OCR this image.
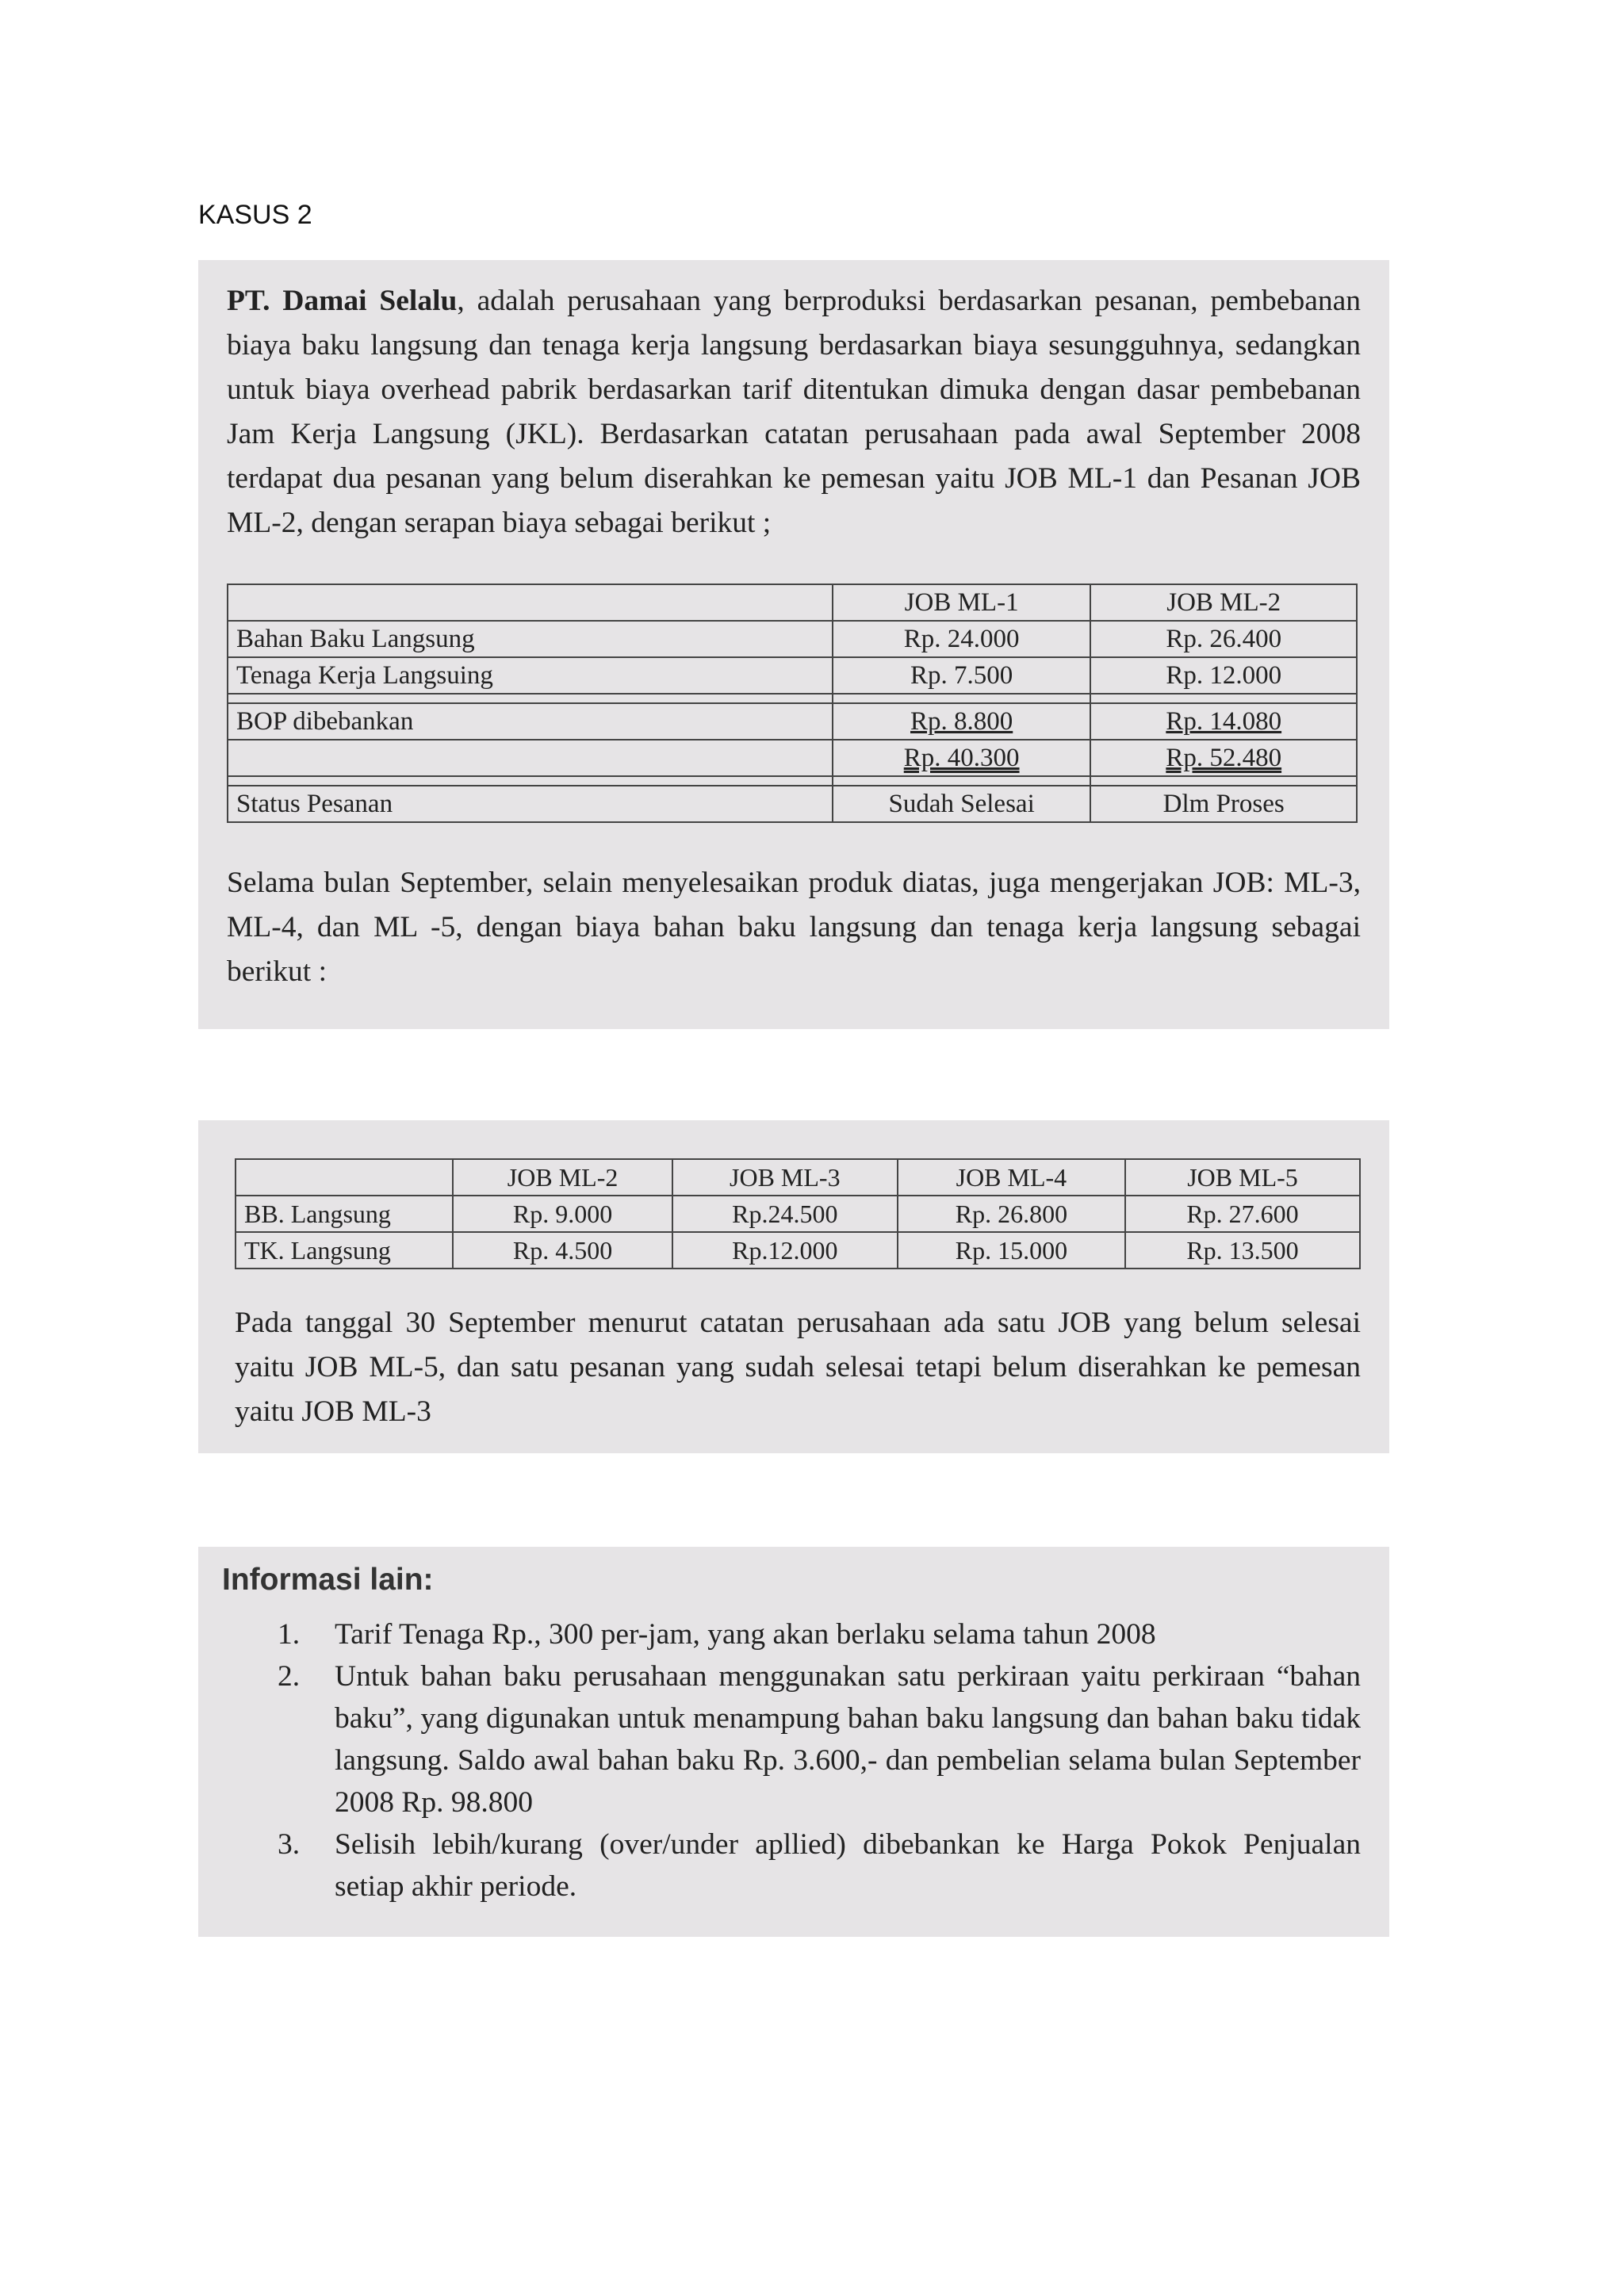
KASUS 2

PT. Damai Selalu, adalah perusahaan yang berproduksi berdasarkan pesanan, pembebanan biaya baku langsung dan tenaga kerja langsung berdasarkan biaya sesungguhnya, sedangkan untuk biaya overhead pabrik berdasarkan tarif ditentukan dimuka dengan dasar pembebanan Jam Kerja Langsung (JKL). Berdasarkan catatan perusahaan pada awal September 2008 terdapat dua pesanan yang belum diserahkan ke pemesan yaitu JOB ML-1 dan Pesanan JOB ML-2, dengan serapan biaya sebagai berikut ;

	JOB ML-1	JOB ML-2
Bahan Baku Langsung	Rp. 24.000	Rp. 26.400
Tenaga Kerja Langsuing	Rp. 7.500	Rp. 12.000

BOP dibebankan	Rp. 8.800	Rp. 14.080
	Rp. 40.300	Rp. 52.480

Status Pesanan	Sudah Selesai	Dlm Proses

Selama bulan September, selain menyelesaikan produk diatas, juga mengerjakan JOB: ML-3, ML-4, dan ML -5, dengan biaya bahan baku langsung dan tenaga kerja langsung sebagai berikut :

	JOB ML-2	JOB ML-3	JOB ML-4	JOB ML-5
BB. Langsung	Rp. 9.000	Rp.24.500	Rp. 26.800	Rp. 27.600
TK. Langsung	Rp. 4.500	Rp.12.000	Rp. 15.000	Rp. 13.500

Pada tanggal 30 September menurut catatan perusahaan ada satu JOB yang belum selesai yaitu JOB ML-5, dan satu pesanan yang sudah selesai tetapi belum diserahkan ke pemesan yaitu JOB ML-3

Informasi lain:

1. Tarif Tenaga Rp., 300 per-jam, yang akan berlaku selama tahun 2008
2. Untuk bahan baku perusahaan menggunakan satu perkiraan yaitu perkiraan “bahan baku”, yang digunakan untuk menampung bahan baku langsung dan bahan baku tidak langsung. Saldo awal bahan baku Rp. 3.600,- dan pembelian selama bulan September 2008 Rp. 98.800
3. Selisih lebih/kurang (over/under apllied) dibebankan ke Harga Pokok Penjualan setiap akhir periode.
